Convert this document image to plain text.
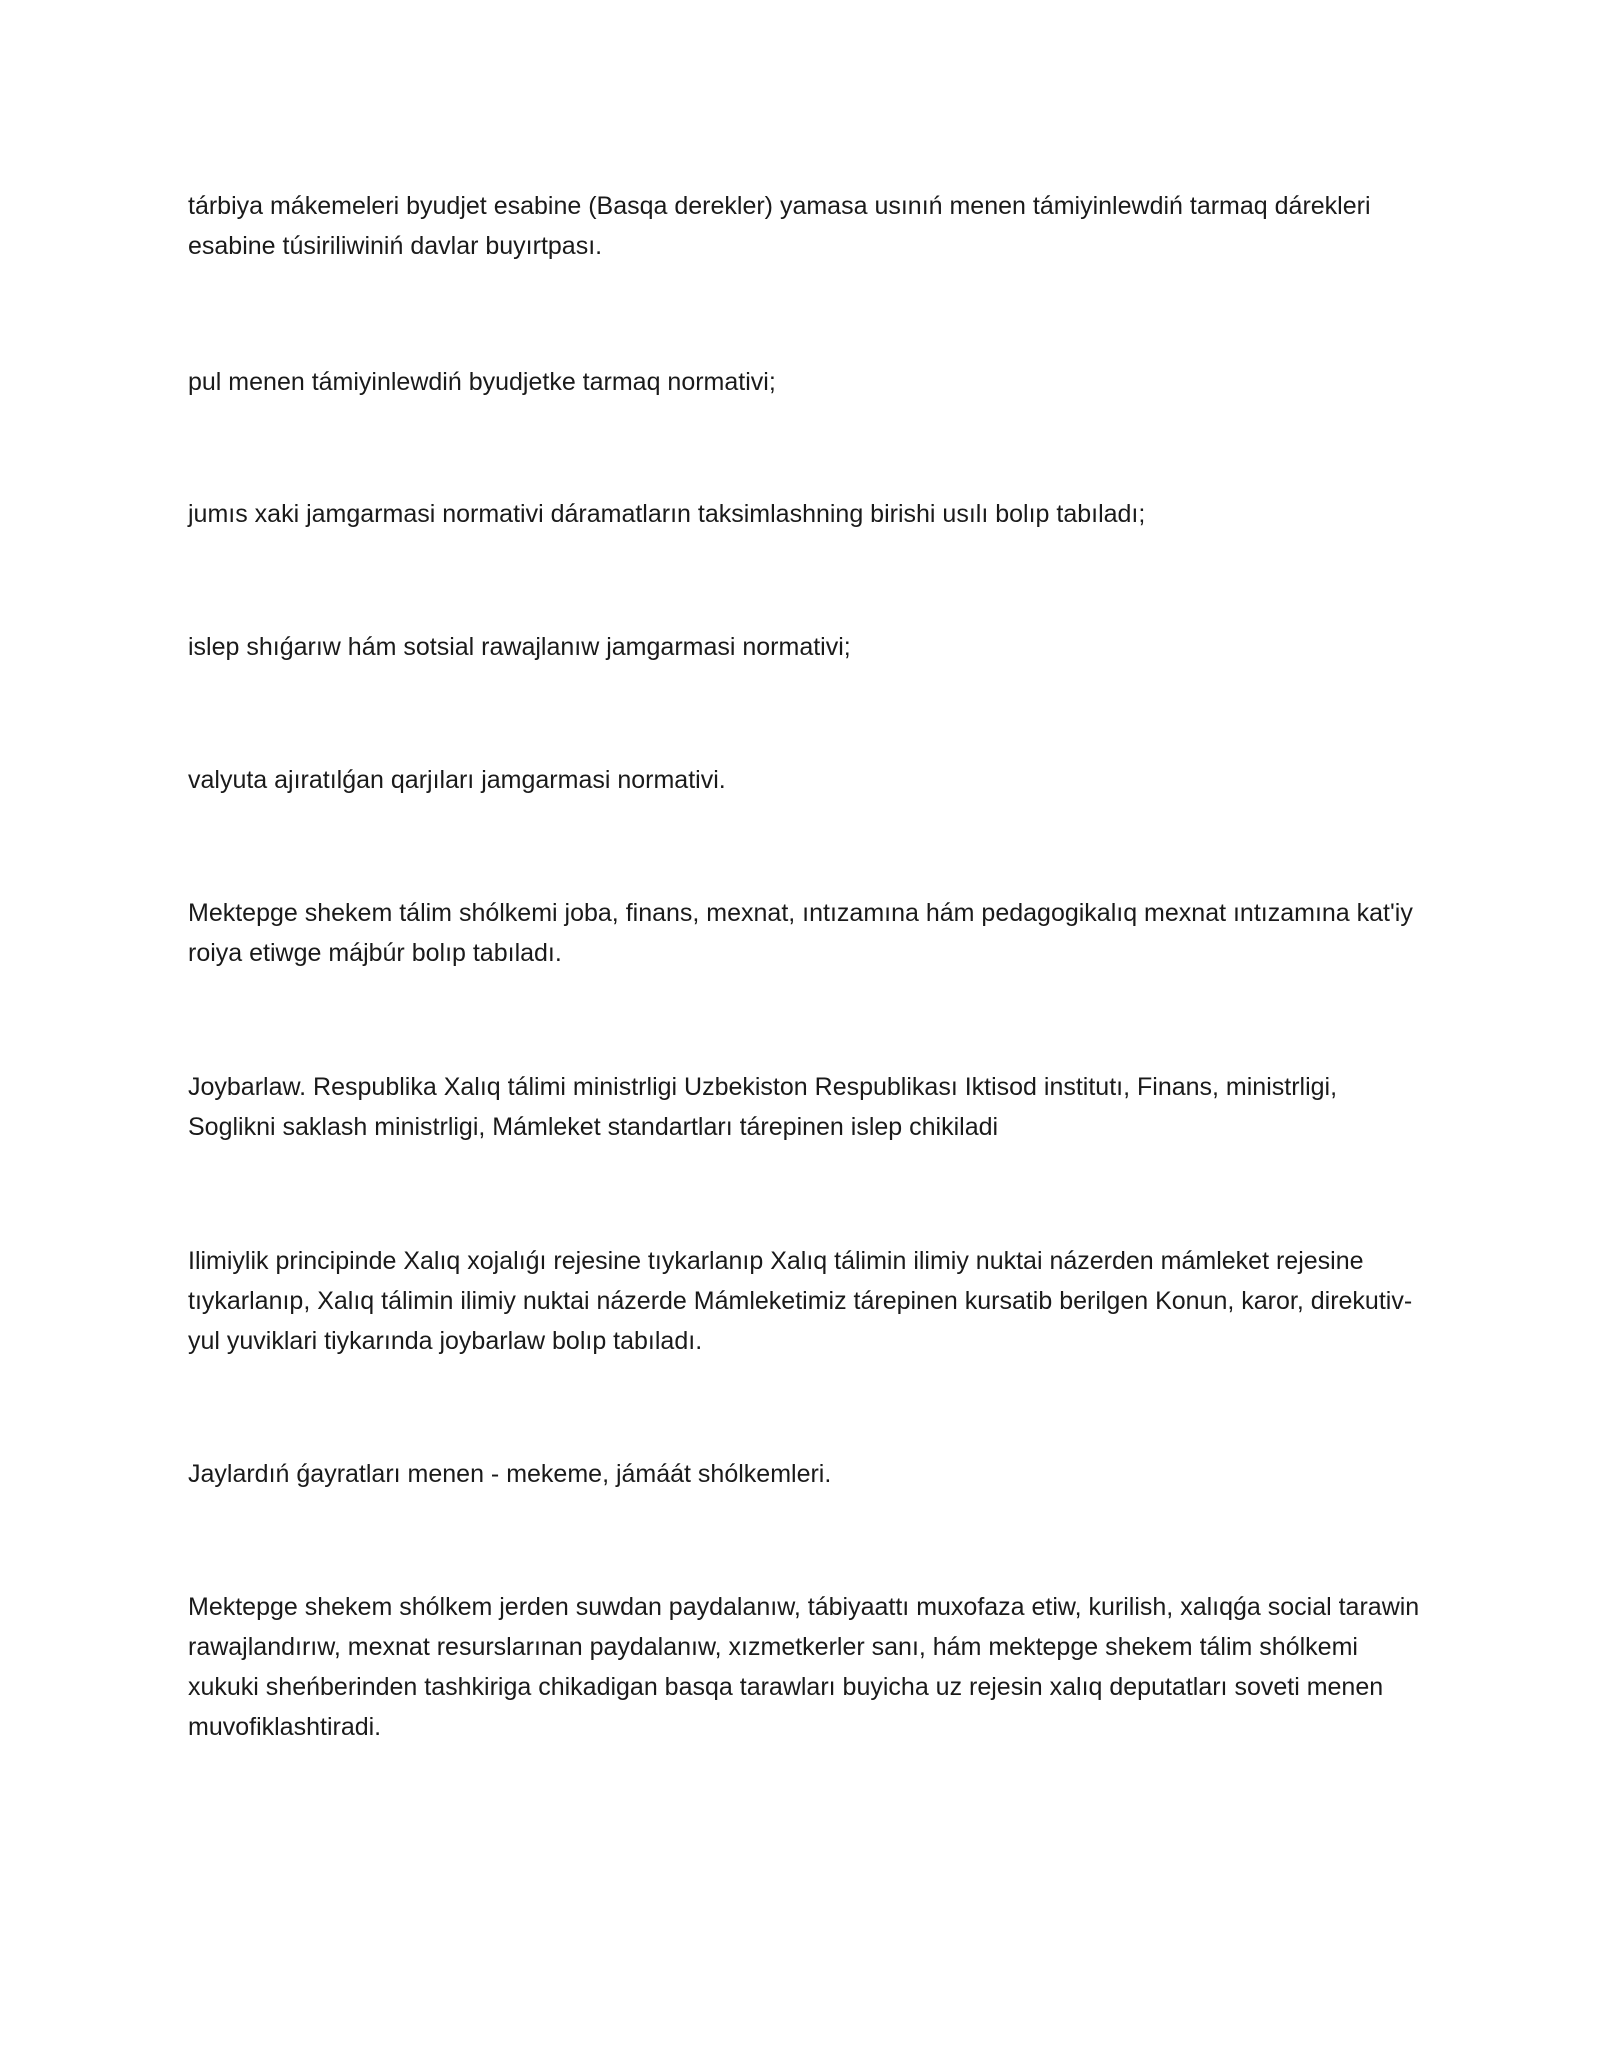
tárbiya mákemeleri byudjet esabine (Basqa derekler) yamasa usınıń menen támiyinlewdiń tarmaq dárekleri esabine túsiriliwiniń davlar buyırtpası.

pul menen támiyinlewdiń byudjetke tarmaq normativi;

jumıs xaki jamgarmasi normativi dáramatların taksimlashning birishi usılı bolıp tabıladı;

islep shıǵarıw hám sotsial rawajlanıw jamgarmasi normativi;

valyuta ajıratılǵan qarjıları jamgarmasi normativi.

Mektepge shekem tálim shólkemi joba, finans, mexnat, ıntızamına hám pedagogikalıq mexnat ıntızamına kat'iy roiya etiwge májbúr bolıp tabıladı.

Joybarlaw. Respublika Xalıq tálimi ministrligi Uzbekiston Respublikası Iktisod institutı, Finans, ministrligi, Soglikni saklash ministrligi, Mámleket standartları tárepinen islep chikiladi

Ilimiylik principinde Xalıq xojalıǵı rejesine tıykarlanıp Xalıq tálimin ilimiy nuktai názerden mámleket rejesine tıykarlanıp, Xalıq tálimin ilimiy nuktai názerde Mámleketimiz tárepinen kursatib berilgen Konun, karor, direkutiv-yul yuviklari tiykarında joybarlaw bolıp tabıladı.

Jaylardıń ǵayratları menen - mekeme, jámáát shólkemleri.

Mektepge shekem shólkem jerden suwdan paydalanıw, tábiyaattı muxofaza etiw, kurilish, xalıqǵa social tarawin rawajlandırıw, mexnat resurslarınan paydalanıw, xızmetkerler sanı, hám mektepge shekem tálim shólkemi xukuki sheńberinden tashkiriga chikadigan basqa tarawları buyicha uz rejesin xalıq deputatları soveti menen muvofiklashtiradi.
